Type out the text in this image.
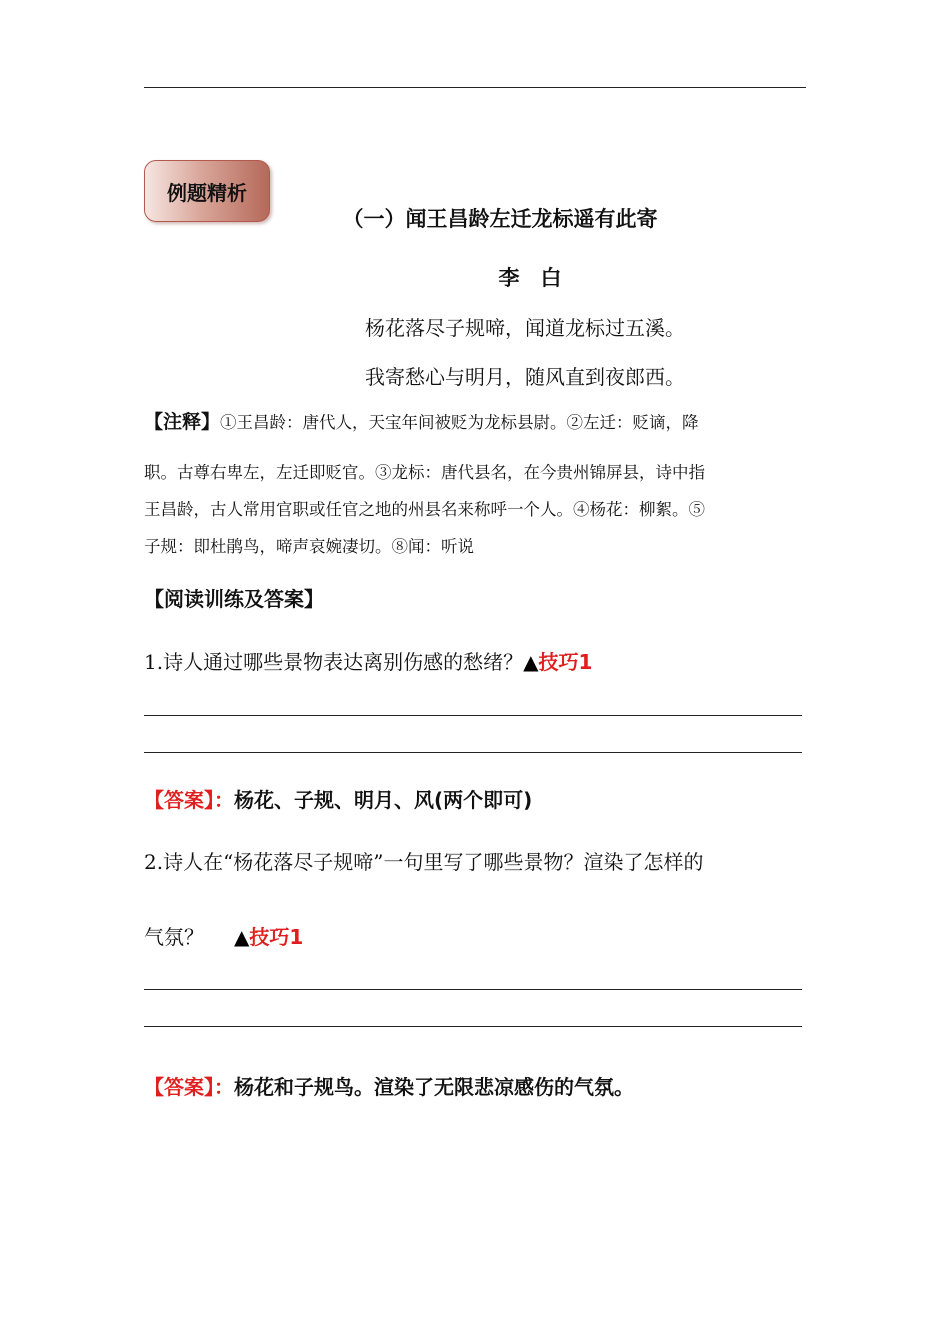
例题精析
（一）闻王昌龄左迁龙标遥有此寄
李　白
杨花落尽子规啼，闻道龙标过五溪。
我寄愁心与明月，随风直到夜郎西。
【注释】①王昌龄：唐代人，天宝年间被贬为龙标县尉。②左迁：贬谪，降
职。古尊右卑左，左迁即贬官。③龙标：唐代县名，在今贵州锦屏县，诗中指
王昌龄，古人常用官职或任官之地的州县名来称呼一个人。④杨花：柳絮。⑤
子规：即杜鹃鸟，啼声哀婉凄切。⑧闻：听说
【阅读训练及答案】
1.诗人通过哪些景物表达离别伤感的愁绪？▲技巧1
【答案】：杨花、子规、明月、风(两个即可)
2.诗人在“杨花落尽子规啼”一句里写了哪些景物？渲染了怎样的
气氛？ ▲技巧1
【答案】：杨花和子规鸟。渲染了无限悲凉感伤的气氛。
